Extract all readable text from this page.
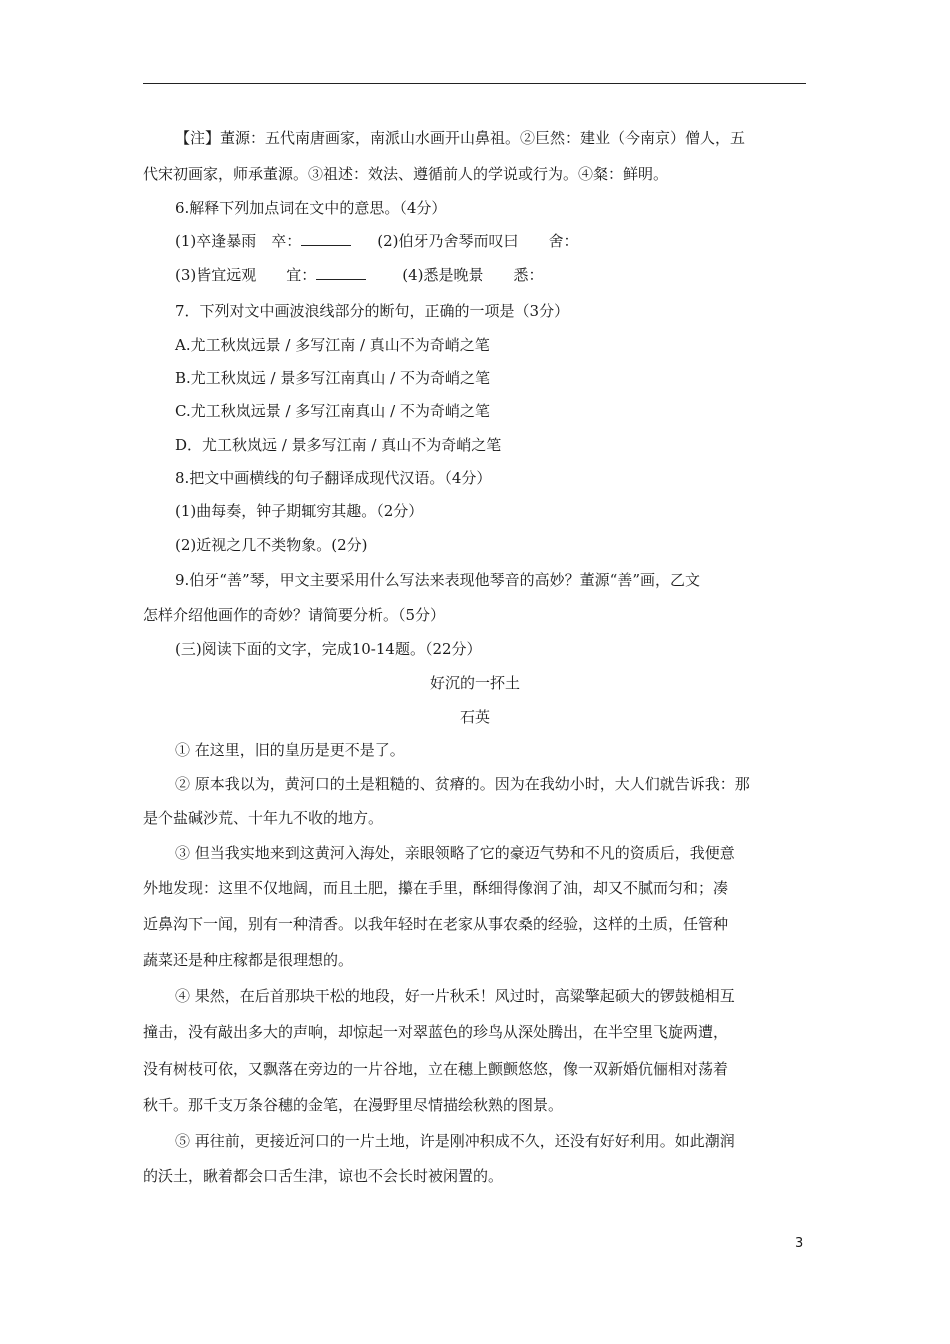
【注】董源：五代南唐画家，南派山水画开山鼻祖。②巨然：建业（今南京）僧人，五
代宋初画家，师承董源。③祖述：效法、遵循前人的学说或行为。④粲：鲜明。
6.解释下列加点词在文中的意思。（4分）
(1)卒逢暴雨　卒：	(2)伯牙乃舍琴而叹曰　　舍：
(3)皆宜远观　　宜：	(4)悉是晚景　　悉：
7．下列对文中画波浪线部分的断句，正确的一项是（3分）
A.尤工秋岚远景 / 多写江南 / 真山不为奇峭之笔
B.尤工秋岚远 / 景多写江南真山 / 不为奇峭之笔
C.尤工秋岚远景 / 多写江南真山 / 不为奇峭之笔
D．尤工秋岚远 / 景多写江南 / 真山不为奇峭之笔
8.把文中画横线的句子翻译成现代汉语。（4分）
(1)曲每奏，钟子期辄穷其趣。（2分）
(2)近视之几不类物象。(2分)
9.伯牙“善”琴，甲文主要采用什么写法来表现他琴音的高妙？董源“善”画，乙文
怎样介绍他画作的奇妙？请简要分析。（5分）
(三)阅读下面的文字，完成10-14题。（22分）
好沉的一抔土
石英
① 在这里，旧的皇历是更不是了。
② 原本我以为，黄河口的土是粗糙的、贫瘠的。因为在我幼小时，大人们就告诉我：那
是个盐碱沙荒、十年九不收的地方。
③ 但当我实地来到这黄河入海处，亲眼领略了它的豪迈气势和不凡的资质后，我便意
外地发现：这里不仅地阔，而且土肥，攥在手里，酥细得像润了油，却又不腻而匀和；凑
近鼻沟下一闻，别有一种清香。以我年轻时在老家从事农桑的经验，这样的土质，任管种
蔬菜还是种庄稼都是很理想的。
④ 果然，在后首那块干松的地段，好一片秋禾！风过时，高粱擎起硕大的锣鼓槌相互
撞击，没有敲出多大的声响，却惊起一对翠蓝色的珍鸟从深处腾出，在半空里飞旋两遭，
没有树枝可依，又飘落在旁边的一片谷地，立在穗上颤颤悠悠，像一双新婚伉俪相对荡着
秋千。那千支万条谷穗的金笔，在漫野里尽情描绘秋熟的图景。
⑤ 再往前，更接近河口的一片土地，许是刚冲积成不久，还没有好好利用。如此潮润
的沃土，瞅着都会口舌生津，谅也不会长时被闲置的。
3
